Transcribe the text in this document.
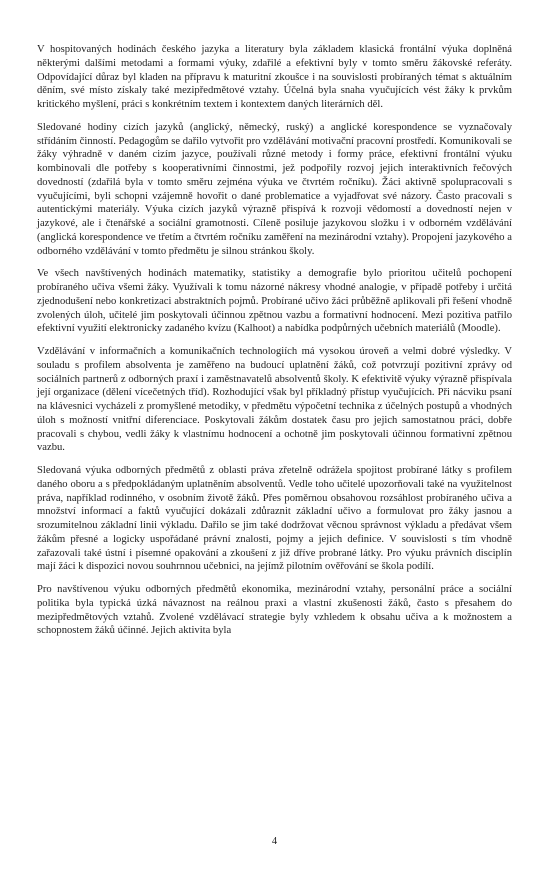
V hospitovaných hodinách českého jazyka a literatury byla základem klasická frontální výuka doplněná některými dalšími metodami a formami výuky, zdařilé a efektivní byly v tomto směru žákovské referáty. Odpovídající důraz byl kladen na přípravu k maturitní zkoušce i na souvislosti probíraných témat s aktuálním děním, své místo získaly také mezipředmětové vztahy. Účelná byla snaha vyučujících vést žáky k prvkům kritického myšlení, práci s konkrétním textem i kontextem daných literárních děl.

Sledované hodiny cizích jazyků (anglický, německý, ruský) a anglické korespondence se vyznačovaly střídáním činností. Pedagogům se dařilo vytvořit pro vzdělávání motivační pracovní prostředí. Komunikovali se žáky výhradně v daném cizím jazyce, používali různé metody i formy práce, efektivní frontální výuku kombinovali dle potřeby s kooperativními činnostmi, jež podpořily rozvoj jejich interaktivních řečových dovedností (zdařilá byla v tomto směru zejména výuka ve čtvrtém ročníku). Žáci aktivně spolupracovali s vyučujícími, byli schopni vzájemně hovořit o dané problematice a vyjadřovat své názory. Často pracovali s autentickými materiály. Výuka cizích jazyků výrazně přispívá k rozvoji vědomostí a dovedností nejen v jazykové, ale i čtenářské a sociální gramotnosti. Cíleně posiluje jazykovou složku i v odborném vzdělávání (anglická korespondence ve třetím a čtvrtém ročníku zaměření na mezinárodní vztahy). Propojení jazykového a odborného vzdělávání v tomto předmětu je silnou stránkou školy.

Ve všech navštívených hodinách matematiky, statistiky a demografie bylo prioritou učitelů pochopení probíraného učiva všemi žáky. Využívali k tomu názorné nákresy vhodné analogie, v případě potřeby i určitá zjednodušení nebo konkretizaci abstraktních pojmů. Probírané učivo žáci průběžně aplikovali při řešení vhodně zvolených úloh, učitelé jim poskytovali účinnou zpětnou vazbu a formativní hodnocení. Mezi pozitiva patřilo efektivní využití elektronicky zadaného kvízu (Kalhoot) a nabídka podpůrných učebních materiálů (Moodle).

Vzdělávání v informačních a komunikačních technologiích má vysokou úroveň a velmi dobré výsledky. V souladu s profilem absolventa je zaměřeno na budoucí uplatnění žáků, což potvrzují pozitivní zprávy od sociálních partnerů z odborných praxí i zaměstnavatelů absolventů školy. K efektivitě výuky výrazně přispívala její organizace (dělení vícečetných tříd). Rozhodující však byl příkladný přístup vyučujících. Při nácviku psaní na klávesnici vycházeli z promyšlené metodiky, v předmětu výpočetní technika z účelných postupů a vhodných úloh s možností vnitřní diferenciace. Poskytovali žákům dostatek času pro jejich samostatnou práci, dobře pracovali s chybou, vedli žáky k vlastnímu hodnocení a ochotně jim poskytovali účinnou formativní zpětnou vazbu.

Sledovaná výuka odborných předmětů z oblasti práva zřetelně odrážela spojitost probírané látky s profilem daného oboru a s předpokládaným uplatněním absolventů. Vedle toho učitelé upozorňovali také na využitelnost práva, například rodinného, v osobním životě žáků. Přes poměrnou obsahovou rozsáhlost probíraného učiva a množství informací a faktů vyučující dokázali zdůraznit základní učivo a formulovat pro žáky jasnou a srozumitelnou základní linii výkladu. Dařilo se jim také dodržovat věcnou správnost výkladu a předávat všem žákům přesné a logicky uspořádané právní znalosti, pojmy a jejich definice. V souvislosti s tím vhodně zařazovali také ústní i písemné opakování a zkoušení z již dříve probrané látky. Pro výuku právních disciplín mají žáci k dispozici novou souhrnnou učebnici, na jejímž pilotním ověřování se škola podílí.

Pro navštívenou výuku odborných předmětů ekonomika, mezinárodní vztahy, personální práce a sociální politika byla typická úzká návaznost na reálnou praxi a vlastní zkušenosti žáků, často s přesahem do mezipředmětových vztahů. Zvolené vzdělávací strategie byly vzhledem k obsahu učiva a k možnostem a schopnostem žáků účinné. Jejich aktivita byla

4
